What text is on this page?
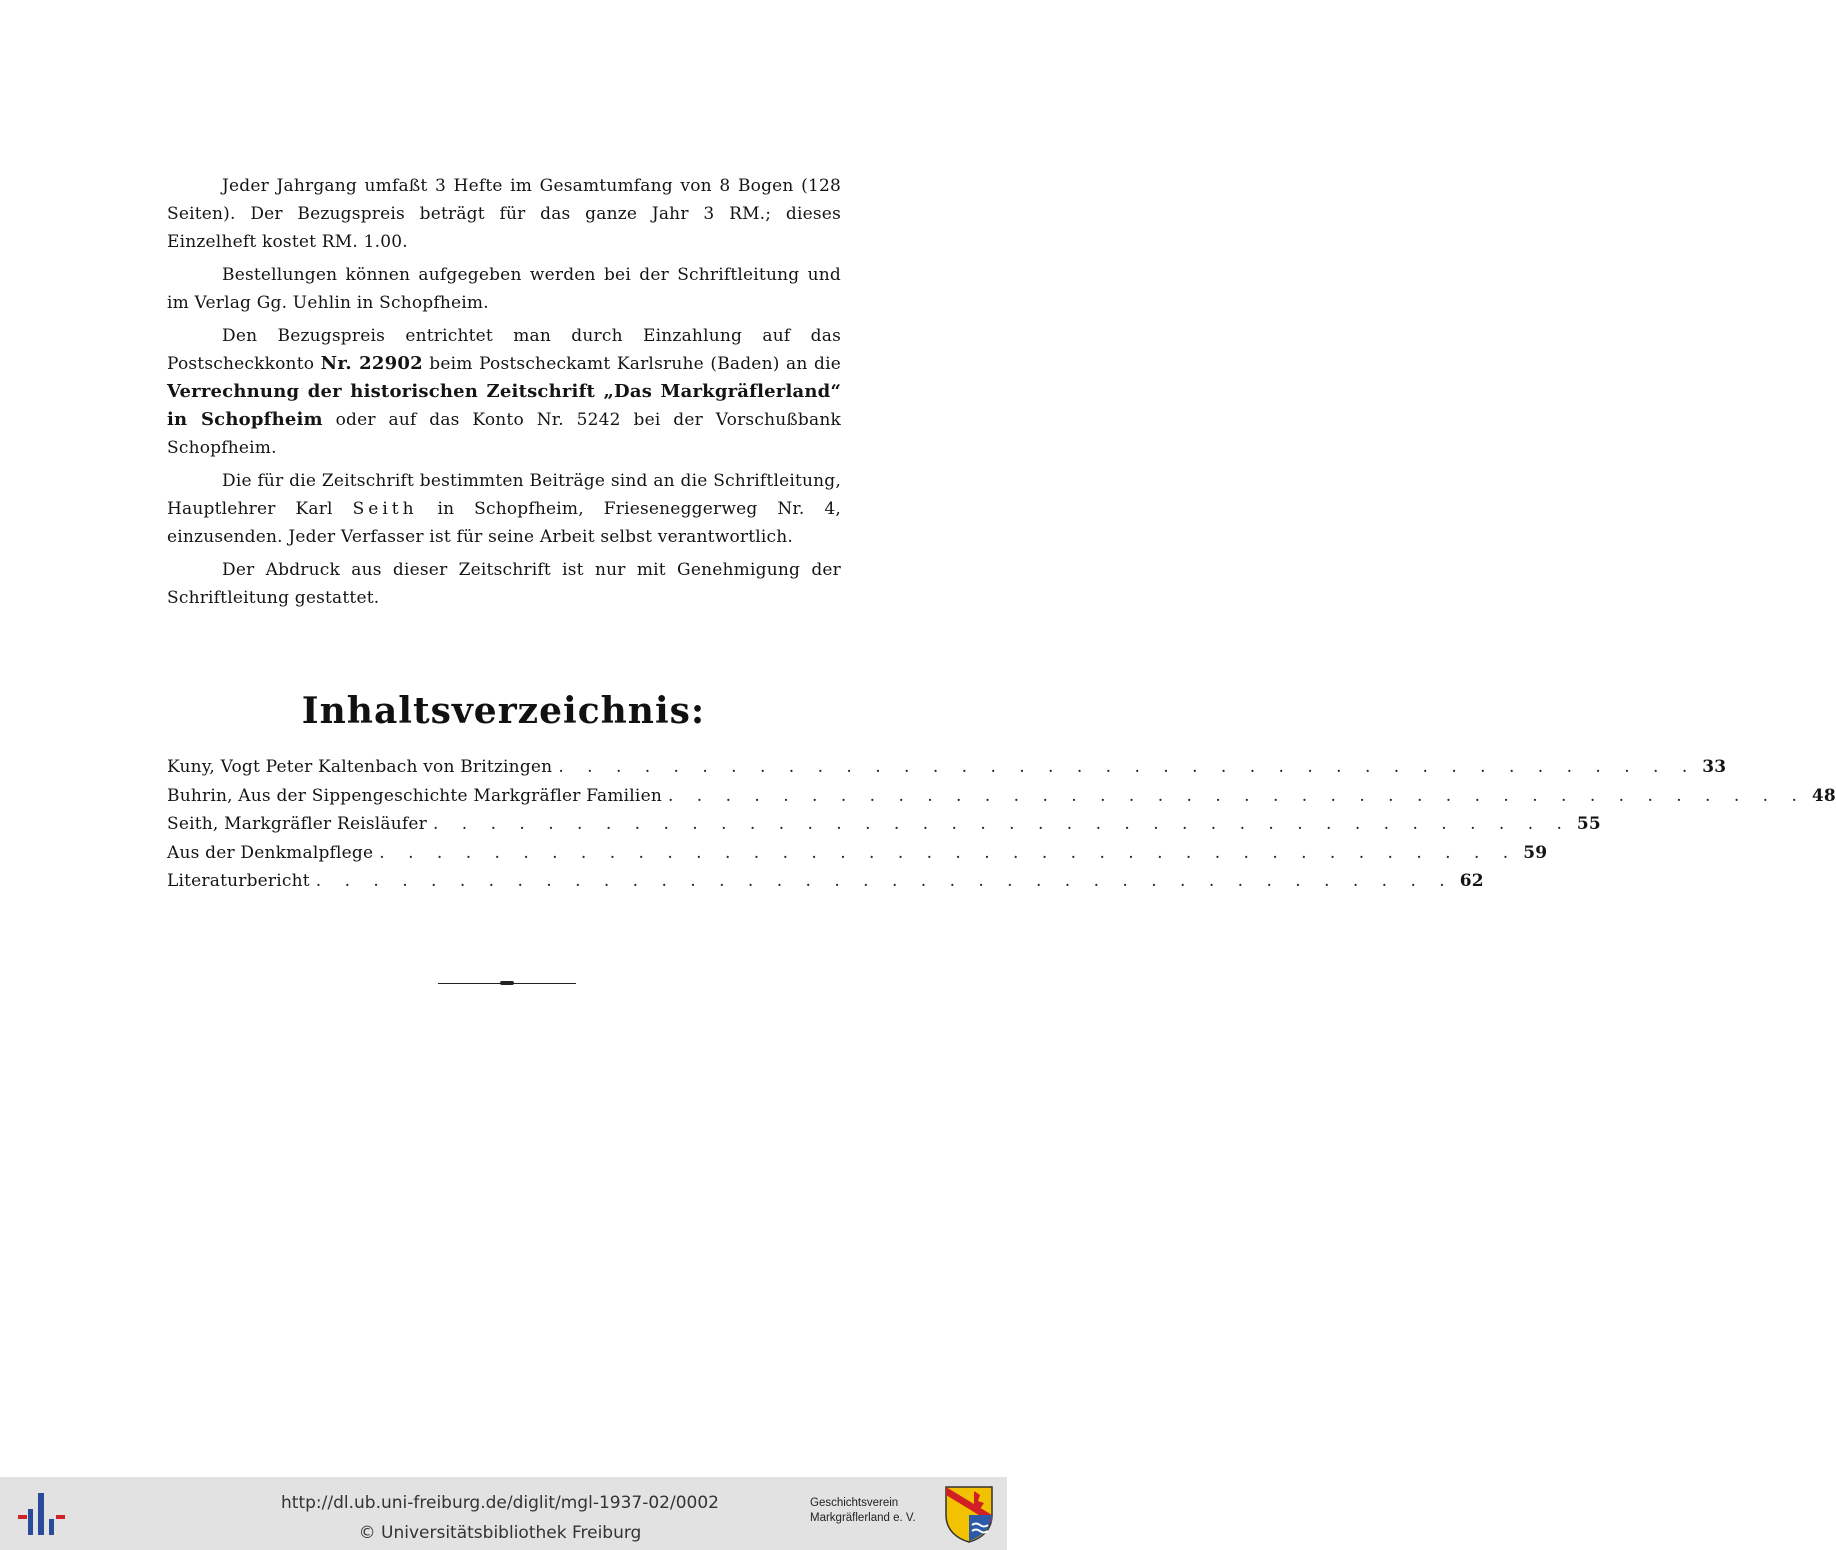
Jeder Jahrgang umfaßt 3 Hefte im Gesamtumfang von 8 Bogen (128 Seiten). Der Bezugspreis beträgt für das ganze Jahr 3 RM.; dieses Einzelheft kostet RM. 1.00.

Bestellungen können aufgegeben werden bei der Schriftleitung und im Verlag Gg. Uehlin in Schopfheim.

Den Bezugspreis entrichtet man durch Einzahlung auf das Postscheckkonto Nr. 22902 beim Postscheckamt Karlsruhe (Baden) an die Verrechnung der historischen Zeitschrift „Das Markgräflerland“ in Schopfheim oder auf das Konto Nr. 5242 bei der Vorschußbank Schopfheim.

Die für die Zeitschrift bestimmten Beiträge sind an die Schriftleitung, Hauptlehrer Karl Seith in Schopfheim, Frieseneggerweg Nr. 4, einzusenden. Jeder Verfasser ist für seine Arbeit selbst verantwortlich.

Der Abdruck aus dieser Zeitschrift ist nur mit Genehmigung der Schriftleitung gestattet.

Inhaltsverzeichnis:
Kuny, Vogt Peter Kaltenbach von Britzingen . . . . . . . . . . . . . . . . . . . . . . . . . . . . . . . . . . . . . . . . 33
Buhrin, Aus der Sippengeschichte Markgräfler Familien . . . . . . . . . . . . . . . . . . . . . . . . . . . . . . . . . . . . . . . . 48
Seith, Markgräfler Reisläufer . . . . . . . . . . . . . . . . . . . . . . . . . . . . . . . . . . . . . . . . 55
Aus der Denkmalpflege . . . . . . . . . . . . . . . . . . . . . . . . . . . . . . . . . . . . . . . . 59
Literaturbericht . . . . . . . . . . . . . . . . . . . . . . . . . . . . . . . . . . . . . . . . 62
http://dl.ub.uni-freiburg.de/diglit/mgl-1937-02/0002
© Universitätsbibliothek Freiburg
Geschichtsverein
Markgräflerland e. V.
